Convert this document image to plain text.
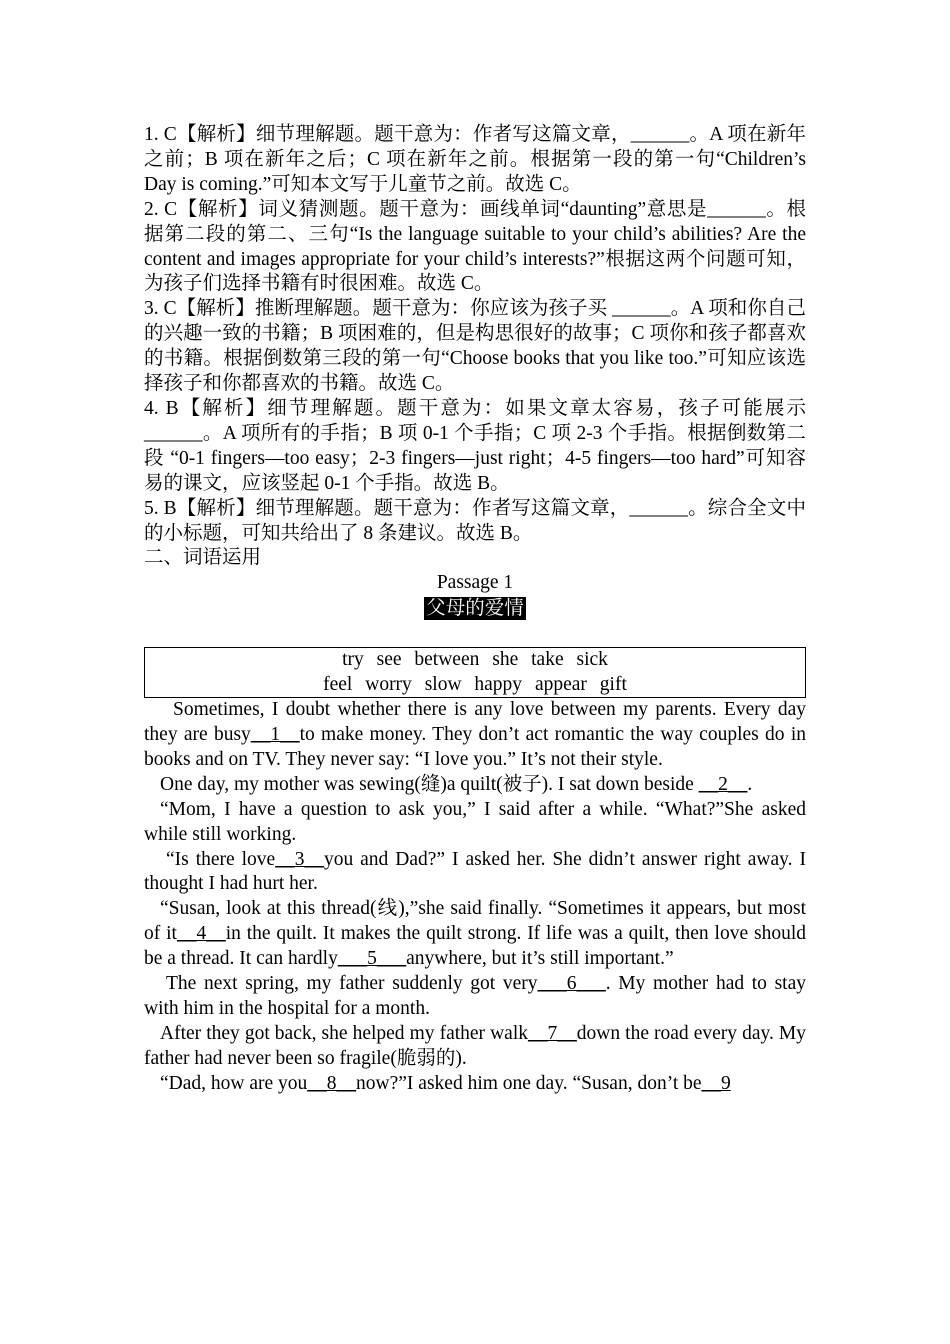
1. C【解析】细节理解题。题干意为：作者写这篇文章，______。A 项在新年之前；B 项在新年之后；C 项在新年之前。根据第一段的第一句“Children’s Day is coming.”可知本文写于儿童节之前。故选 C。

2. C【解析】词义猜测题。题干意为：画线单词“daunting”意思是______。根据第二段的第二、三句“Is the language suitable to your child’s abilities? Are the content and images appropriate for your child’s interests?”根据这两个问题可知，为孩子们选择书籍有时很困难。故选 C。

3. C【解析】推断理解题。题干意为：你应该为孩子买 ______。A 项和你自己的兴趣一致的书籍；B 项困难的，但是构思很好的故事；C 项你和孩子都喜欢的书籍。根据倒数第三段的第一句“Choose books that you like too.”可知应该选择孩子和你都喜欢的书籍。故选 C。

4. B【解析】细节理解题。题干意为：如果文章太容易，孩子可能展示 ______。A 项所有的手指；B 项 0-1 个手指；C 项 2-3 个手指。根据倒数第二段 “0-1 fingers—too easy；2-3 fingers—just right；4-5 fingers—too hard”可知容易的课文，应该竖起 0-1 个手指。故选 B。

5. B【解析】细节理解题。题干意为：作者写这篇文章，______。综合全文中的小标题，可知共给出了 8 条建议。故选 B。

二、词语运用

Passage 1

父母的爱情

try see between she take sick
feel worry slow happy appear gift

Sometimes, I doubt whether there is any love between my parents. Every day they are busy__1__to make money. They don’t act romantic the way couples do in books and on TV. They never say: “I love you.” It’s not their style.

One day, my mother was sewing(缝)a quilt(被子). I sat down beside __2__.

“Mom, I have a question to ask you,” I said after a while. “What?”She asked while still working.

“Is there love__3__you and Dad?” I asked her. She didn’t answer right away. I thought I had hurt her.

“Susan, look at this thread(线),”she said finally. “Sometimes it appears, but most of it__4__in the quilt. It makes the quilt strong. If life was a quilt, then love should be a thread. It can hardly___5___anywhere, but it’s still important.”

The next spring, my father suddenly got very___6___. My mother had to stay with him in the hospital for a month.

After they got back, she helped my father walk__7__down the road every day. My father had never been so fragile(脆弱的).

“Dad, how are you__8__now?”I asked him one day. “Susan, don’t be__9
